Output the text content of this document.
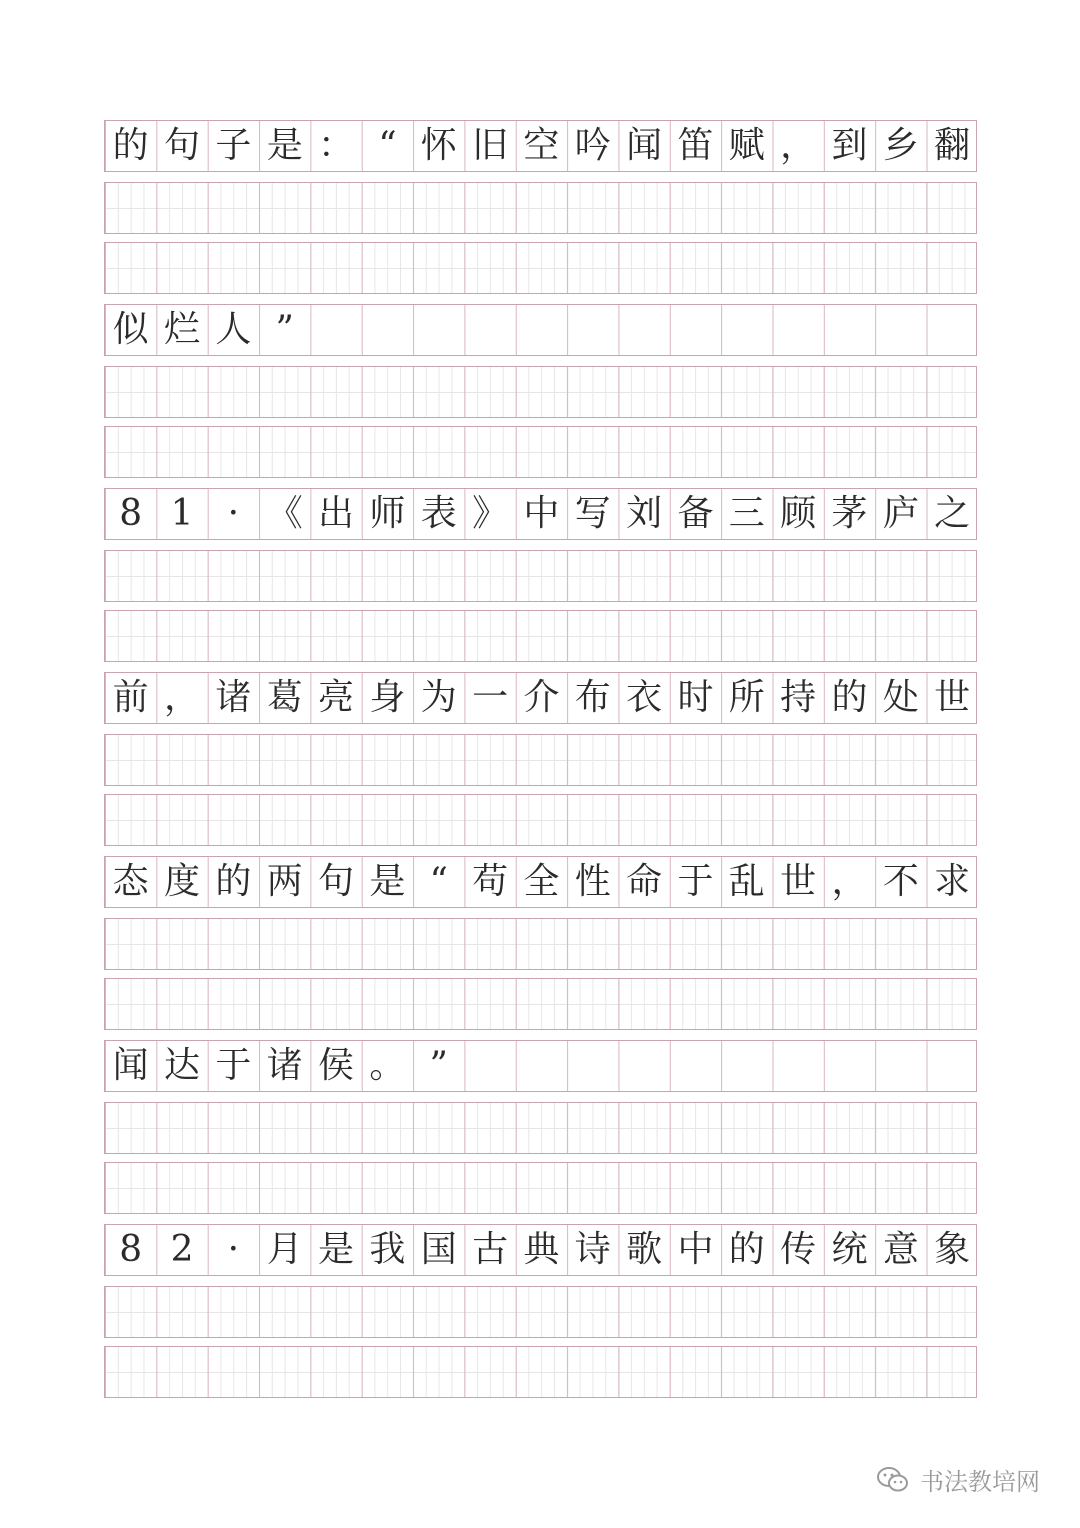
的 句 子 是 ： “ 怀 旧 空 吟 闻 笛 赋 ， 到 乡 翻
似 烂 人 ”
8 1 · 《 出 师 表 》 中 写 刘 备 三 顾 茅 庐 之
前 ， 诸 葛 亮 身 为 一 介 布 衣 时 所 持 的 处 世
态 度 的 两 句 是 “ 苟 全 性 命 于 乱 世 ， 不 求
闻 达 于 诸 侯 。 ”
8 2 · 月 是 我 国 古 典 诗 歌 中 的 传 统 意 象
书法教培网
